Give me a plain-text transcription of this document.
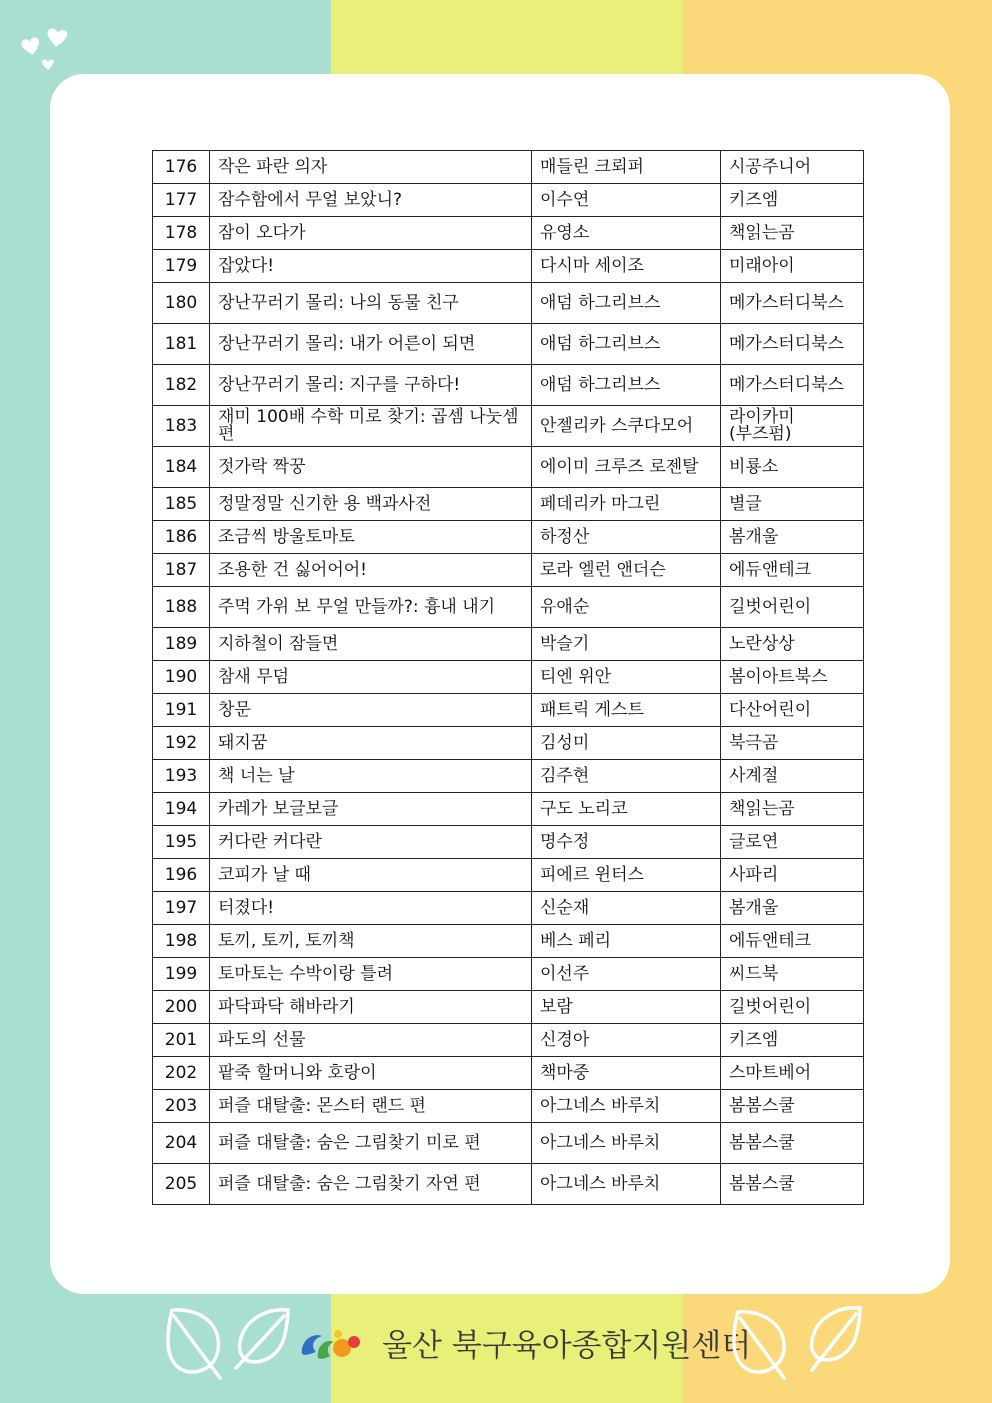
176	작은 파란 의자	매들린 크뢰퍼	시공주니어
177	잠수함에서 무얼 보았니?	이수연	키즈엠
178	잠이 오다가	유영소	책읽는곰
179	잡았다!	다시마 세이조	미래아이
180	장난꾸러기 몰리: 나의 동물 친구	애덤 하그리브스	메가스터디북스
181	장난꾸러기 몰리: 내가 어른이 되면	애덤 하그리브스	메가스터디북스
182	장난꾸러기 몰리: 지구를 구하다!	애덤 하그리브스	메가스터디북스
183	재미 100배 수학 미로 찾기: 곱셈 나눗셈 편	안젤리카 스쿠다모어	라이카미(부즈펌)
184	젓가락 짝꿍	에이미 크루즈 로젠탈	비룡소
185	정말정말 신기한 용 백과사전	페데리카 마그린	별글
186	조금씩 방울토마토	하정산	봄개울
187	조용한 건 싫어어어!	로라 엘런 앤더슨	에듀앤테크
188	주먹 가위 보 무얼 만들까?: 흉내 내기	유애순	길벗어린이
189	지하철이 잠들면	박슬기	노란상상
190	참새 무덤	티엔 위안	봄이아트북스
191	창문	패트릭 게스트	다산어린이
192	돼지꿈	김성미	북극곰
193	책 너는 날	김주현	사계절
194	카레가 보글보글	구도 노리코	책읽는곰
195	커다란 커다란	명수정	글로연
196	코피가 날 때	피에르 윈터스	사파리
197	터졌다!	신순재	봄개울
198	토끼, 토끼, 토끼책	베스 페리	에듀앤테크
199	토마토는 수박이랑 틀려	이선주	씨드북
200	파닥파닥 해바라기	보람	길벗어린이
201	파도의 선물	신경아	키즈엠
202	팥죽 할머니와 호랑이	책마중	스마트베어
203	퍼즐 대탈출: 몬스터 랜드 편	아그네스 바루치	봄봄스쿨
204	퍼즐 대탈출: 숨은 그림찾기 미로 편	아그네스 바루치	봄봄스쿨
205	퍼즐 대탈출: 숨은 그림찾기 자연 편	아그네스 바루치	봄봄스쿨
울산 북구육아종합지원센터
